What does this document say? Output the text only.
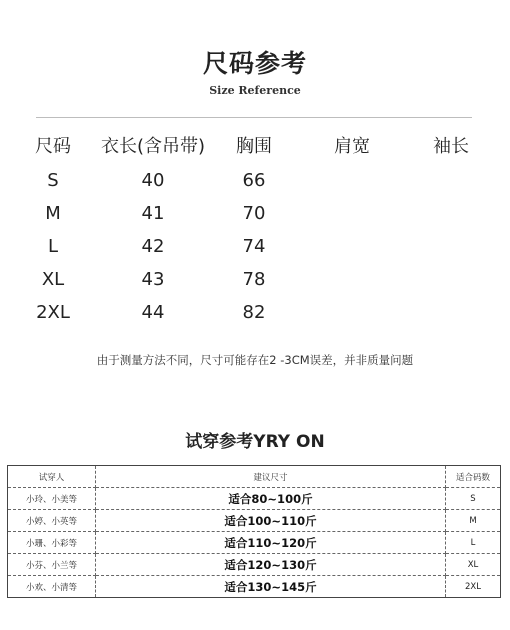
尺码参考
Size Reference
尺码	衣长(含吊带)	胸围	肩宽	袖长
S	40	66
M	41	70
L	42	74
XL	43	78
2XL	44	82
由于测量方法不同，尺寸可能存在2 -3CM误差，并非质量问题
试穿参考YRY ON
试穿人	建议尺寸	适合码数
小玲、小美等	适合80~100斤	S
小婷、小英等	适合100~110斤	M
小珊、小彩等	适合110~120斤	L
小芬、小兰等	适合120~130斤	XL
小欢、小清等	适合130~145斤	2XL
